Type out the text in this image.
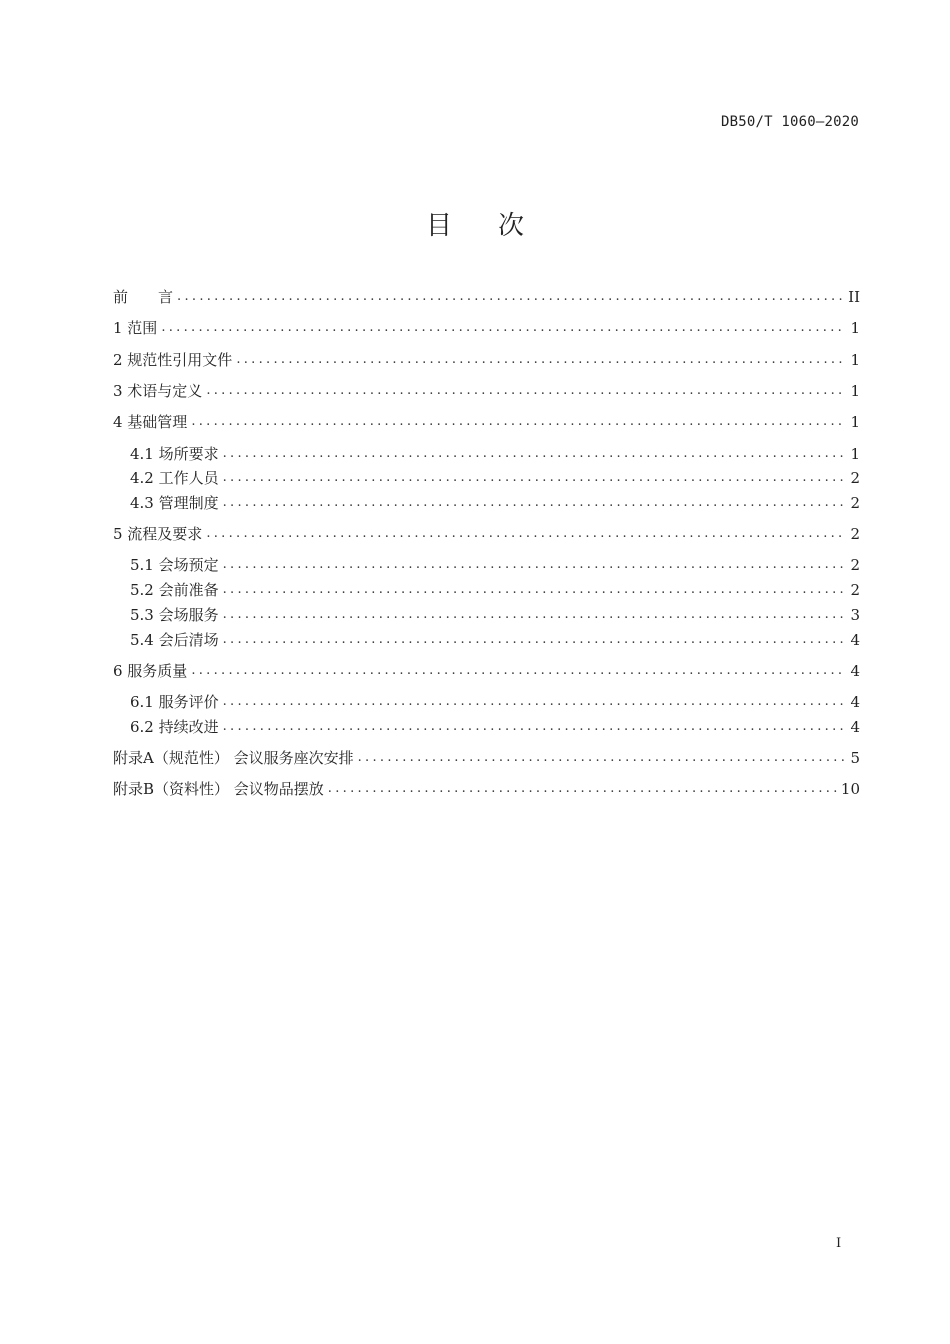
DB50/T 1060—2020
目次
前　　言 .....	II
1 范围 .....	1
2 规范性引用文件 .....	1
3 术语与定义 .....	1
4 基础管理 .....	1
4.1 场所要求 .....	1
4.2 工作人员 .....	2
4.3 管理制度 .....	2
5 流程及要求 .....	2
5.1 会场预定 .....	2
5.2 会前准备 .....	2
5.3 会场服务 .....	3
5.4 会后清场 .....	4
6 服务质量 .....	4
6.1 服务评价 .....	4
6.2 持续改进 .....	4
附录A（规范性） 会议服务座次安排 .....	5
附录B（资料性） 会议物品摆放 .....	10
I
